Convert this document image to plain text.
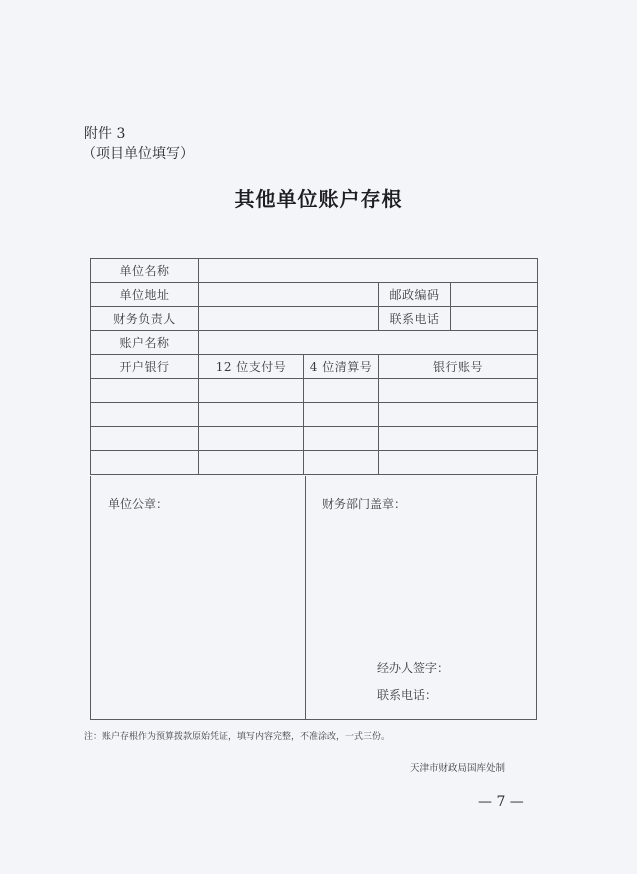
附件 3
（项目单位填写）
其他单位账户存根
单位名称				
单位地址			邮政编码	
财务负责人			联系电话	
账户名称				
开户银行	12 位支付号	4 位清算号	银行账号	

单位公章：	财务部门盖章：
经办人签字：
联系电话：
注：账户存根作为预算拨款原始凭证，填写内容完整，不准涂改，一式三份。
天津市财政局国库处制
— 7 —
